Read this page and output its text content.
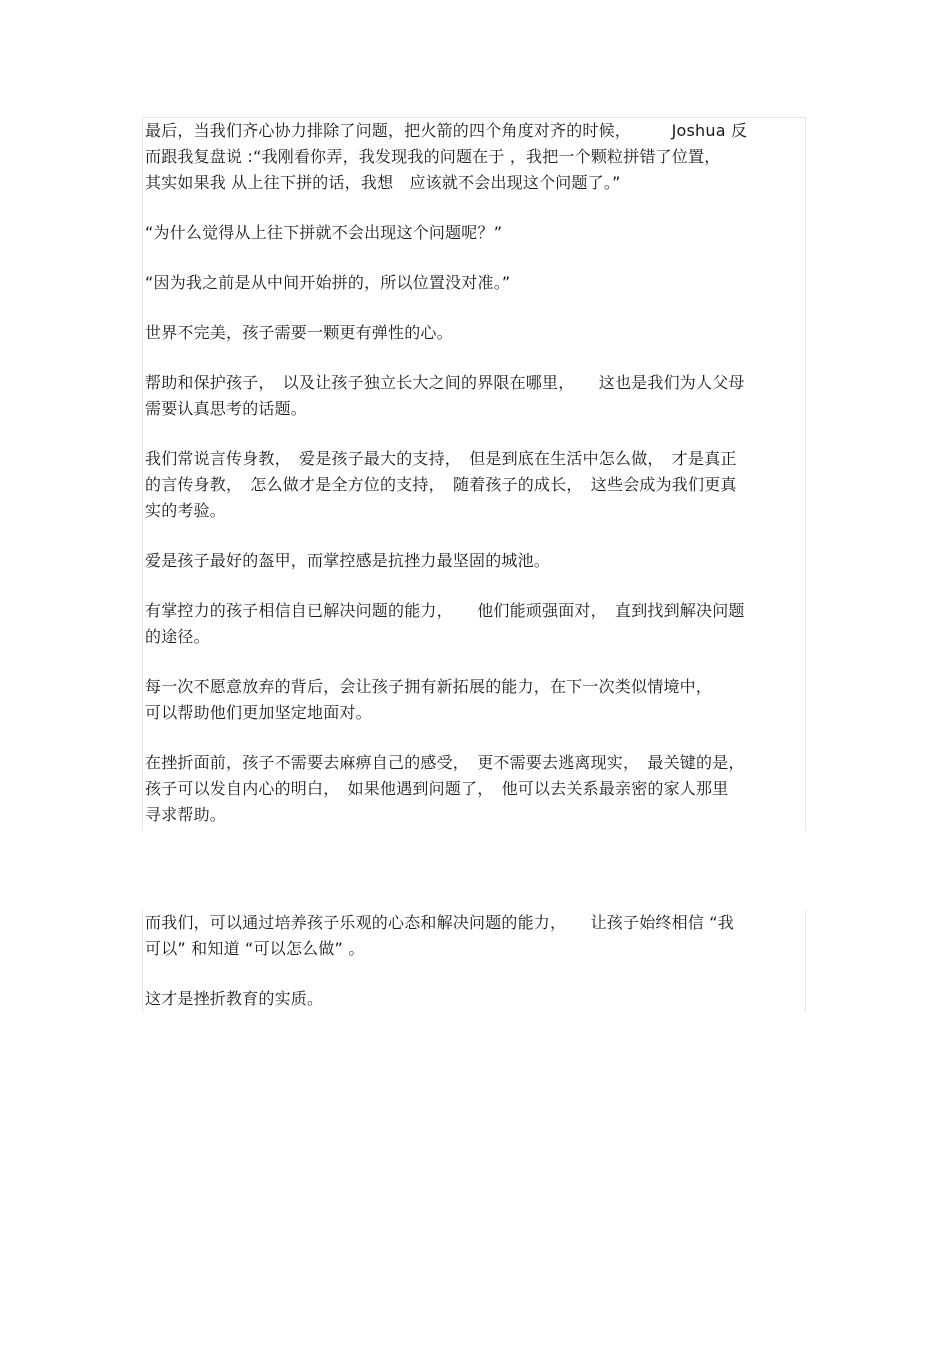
最后，当我们齐心协力排除了问题，把火箭的四个角度对齐的时候，　　　Joshua 反
而跟我复盘说 :“我刚看你弄，我发现我的问题在于 ，我把一个颗粒拼错了位置，
其实如果我 从上往下拼的话，我想　应该就不会出现这个问题了。”

“为什么觉得从上往下拼就不会出现这个问题呢？”

“因为我之前是从中间开始拼的，所以位置没对准。”

世界不完美，孩子需要一颗更有弹性的心。

帮助和保护孩子，　以及让孩子独立长大之间的界限在哪里，　　这也是我们为人父母
需要认真思考的话题。

我们常说言传身教，　爱是孩子最大的支持，　但是到底在生活中怎么做，　才是真正
的言传身教，　怎么做才是全方位的支持，　随着孩子的成长，　这些会成为我们更真
实的考验。

爱是孩子最好的盔甲，而掌控感是抗挫力最坚固的城池。

有掌控力的孩子相信自已解决问题的能力，　　他们能顽强面对，　直到找到解决问题
的途径。

每一次不愿意放弃的背后，会让孩子拥有新拓展的能力，在下一次类似情境中，
可以帮助他们更加坚定地面对。

在挫折面前，孩子不需要去麻痹自己的感受，　更不需要去逃离现实，　最关键的是，
孩子可以发自内心的明白，　如果他遇到问题了，　他可以去关系最亲密的家人那里
寻求帮助。

而我们，可以通过培养孩子乐观的心态和解决问题的能力，　　让孩子始终相信 “我
可以” 和知道 “可以怎么做” 。

这才是挫折教育的实质。
